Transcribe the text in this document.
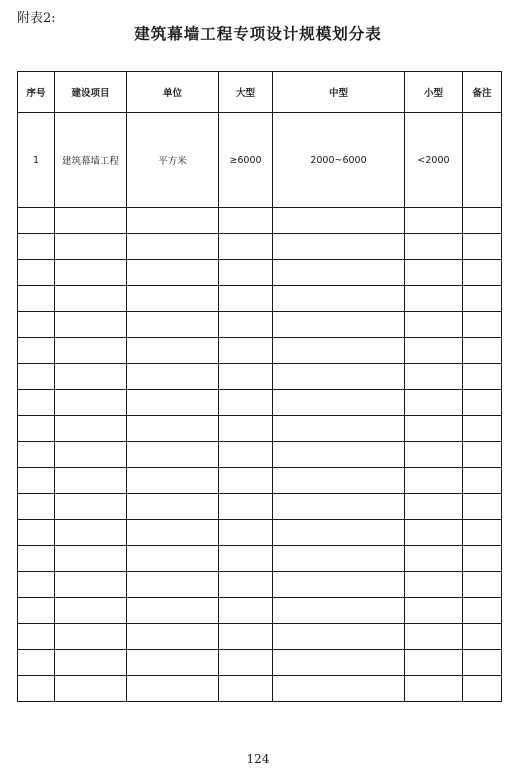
附表2:
建筑幕墙工程专项设计规模划分表
序号	建设项目	单位	大型	中型	小型	备注
1	建筑幕墙工程	平方米	≥6000	2000~6000	<2000	

124
